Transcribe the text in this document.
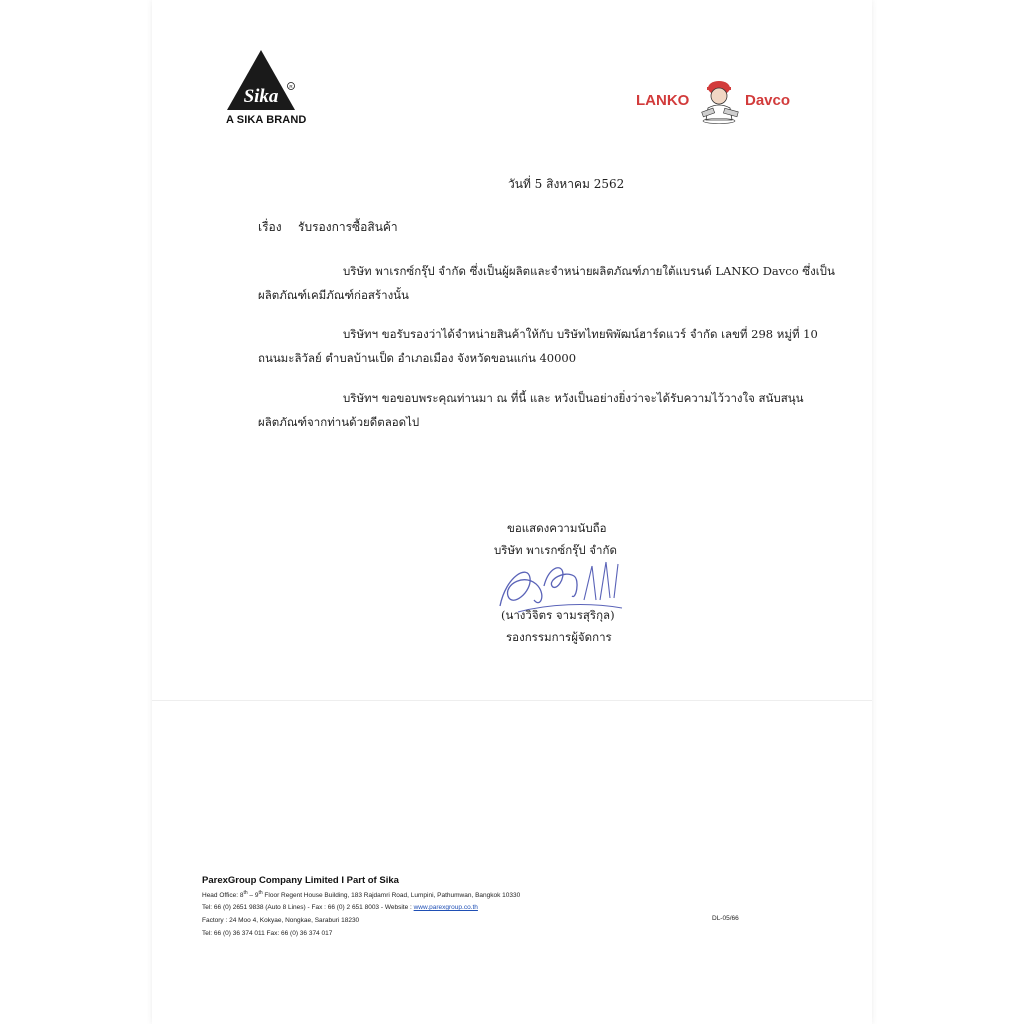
Sika R
A SIKA BRAND
LANKO	Davco
วันที่ 5 สิงหาคม 2562
เรื่อง รับรองการซื้อสินค้า
บริษัท พาเรกซ์กรุ๊ป จำกัด ซึ่งเป็นผู้ผลิตและจำหน่ายผลิตภัณฑ์ภายใต้แบรนด์ LANKO Davco ซึ่งเป็น
ผลิตภัณฑ์เคมีภัณฑ์ก่อสร้างนั้น
บริษัทฯ ขอรับรองว่าได้จำหน่ายสินค้าให้กับ บริษัทไทยพิพัฒน์ฮาร์ดแวร์ จำกัด เลขที่ 298 หมู่ที่ 10
ถนนมะลิวัลย์ ตำบลบ้านเป็ด อำเภอเมือง จังหวัดขอนแก่น 40000
บริษัทฯ ขอขอบพระคุณท่านมา ณ ที่นี้ และ หวังเป็นอย่างยิ่งว่าจะได้รับความไว้วางใจ สนับสนุน
ผลิตภัณฑ์จากท่านด้วยดีตลอดไป
ขอแสดงความนับถือ
บริษัท พาเรกซ์กรุ๊ป จำกัด
(นางวิจิตร จามรสุริกุล)
รองกรรมการผู้จัดการ
ParexGroup Company Limited I Part of Sika
Head Office: 8th – 9th Floor Regent House Building, 183 Rajdamri Road, Lumpini, Pathumwan, Bangkok 10330
Tel: 66 (0) 2651 9838 (Auto 8 Lines) - Fax : 66 (0) 2 651 8003 - Website : www.parexgroup.co.th
Factory : 24 Moo 4, Kokyae, Nongkae, Saraburi 18230
Tel: 66 (0) 36 374 011 Fax: 66 (0) 36 374 017
DL-05/66
